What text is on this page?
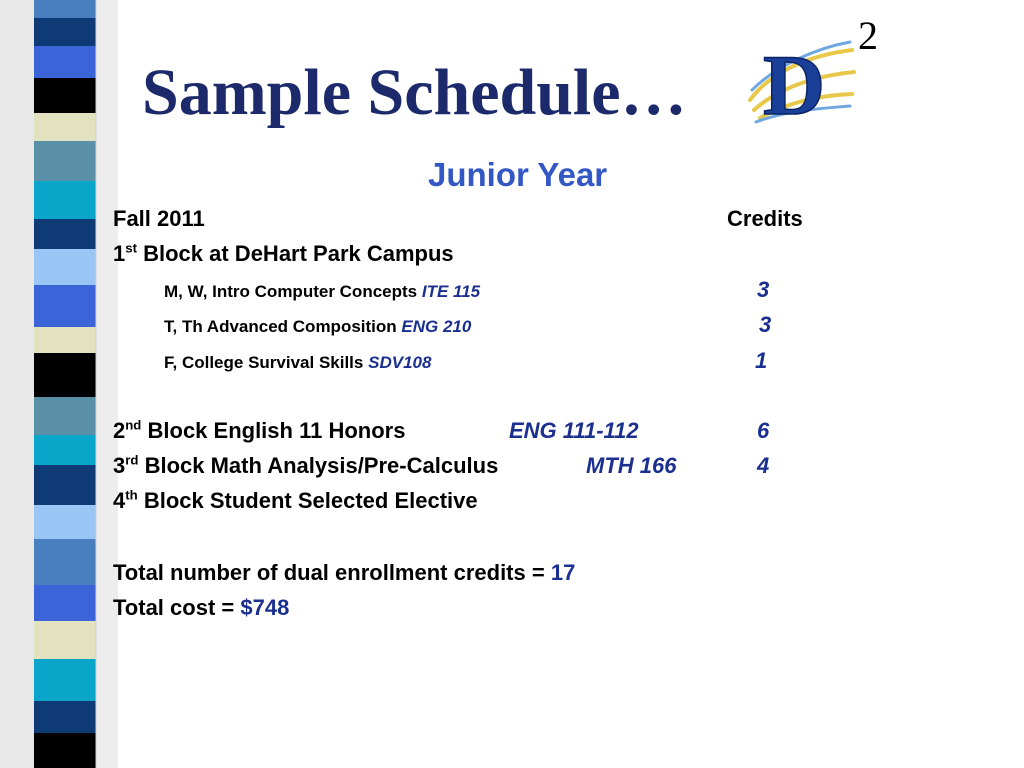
2
D
Sample Schedule…
Junior Year
Fall 2011	Credits
1st Block at DeHart Park Campus
M, W, Intro Computer Concepts ITE 115	3
T, Th Advanced Composition ENG 210	3
F, College Survival Skills SDV108	1
2nd Block English 11 Honors	ENG 111-112	6
3rd Block Math Analysis/Pre-Calculus	MTH 166	4
4th Block Student Selected Elective
Total number of dual enrollment credits = 17
Total cost = $748
